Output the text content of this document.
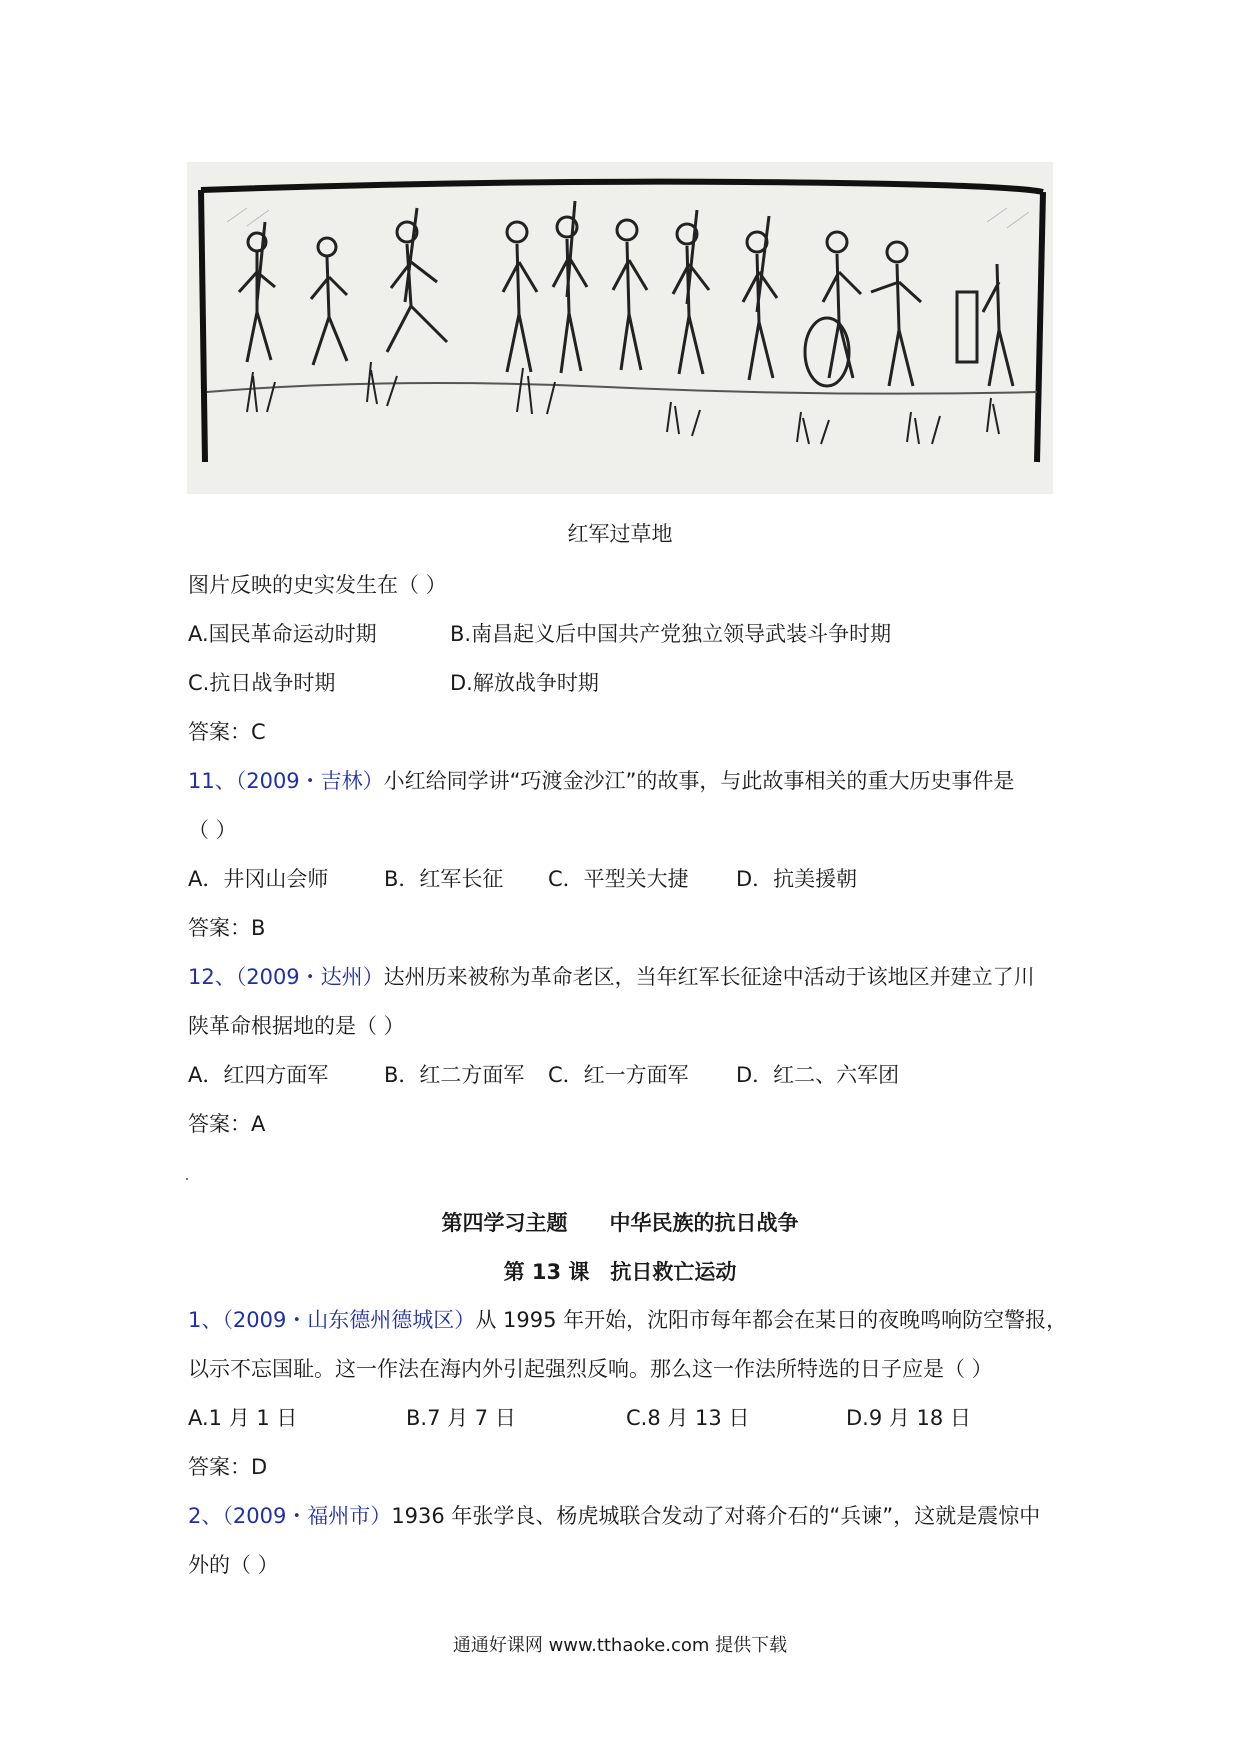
红军过草地
图片反映的史实发生在（ ）
A.国民革命运动时期	B.南昌起义后中国共产党独立领导武装斗争时期
C.抗日战争时期	D.解放战争时期
答案：C
11、（2009・吉林）小红给同学讲“巧渡金沙江”的故事，与此故事相关的重大历史事件是
（ ）
A．井冈山会师	B．红军长征 C．平型关大捷 D．抗美援朝
答案：B
12、（2009・达州）达州历来被称为革命老区，当年红军长征途中活动于该地区并建立了川
陕革命根据地的是（ ）
A．红四方面军	B．红二方面军 C．红一方面军 D．红二、六军团
答案：A
第四学习主题　　中华民族的抗日战争
第 13 课　抗日救亡运动
1、（2009・山东德州德城区）从 1995 年开始，沈阳市每年都会在某日的夜晚鸣响防空警报，
以示不忘国耻。这一作法在海内外引起强烈反响。那么这一作法所特选的日子应是（ ）
A.1 月 1 日	B.7 月 7 日	C.8 月 13 日	D.9 月 18 日
答案：D
2、（2009・福州市）1936 年张学良、杨虎城联合发动了对蒋介石的“兵谏”，这就是震惊中
外的（ ）
通通好课网 www.tthaoke.com 提供下载
